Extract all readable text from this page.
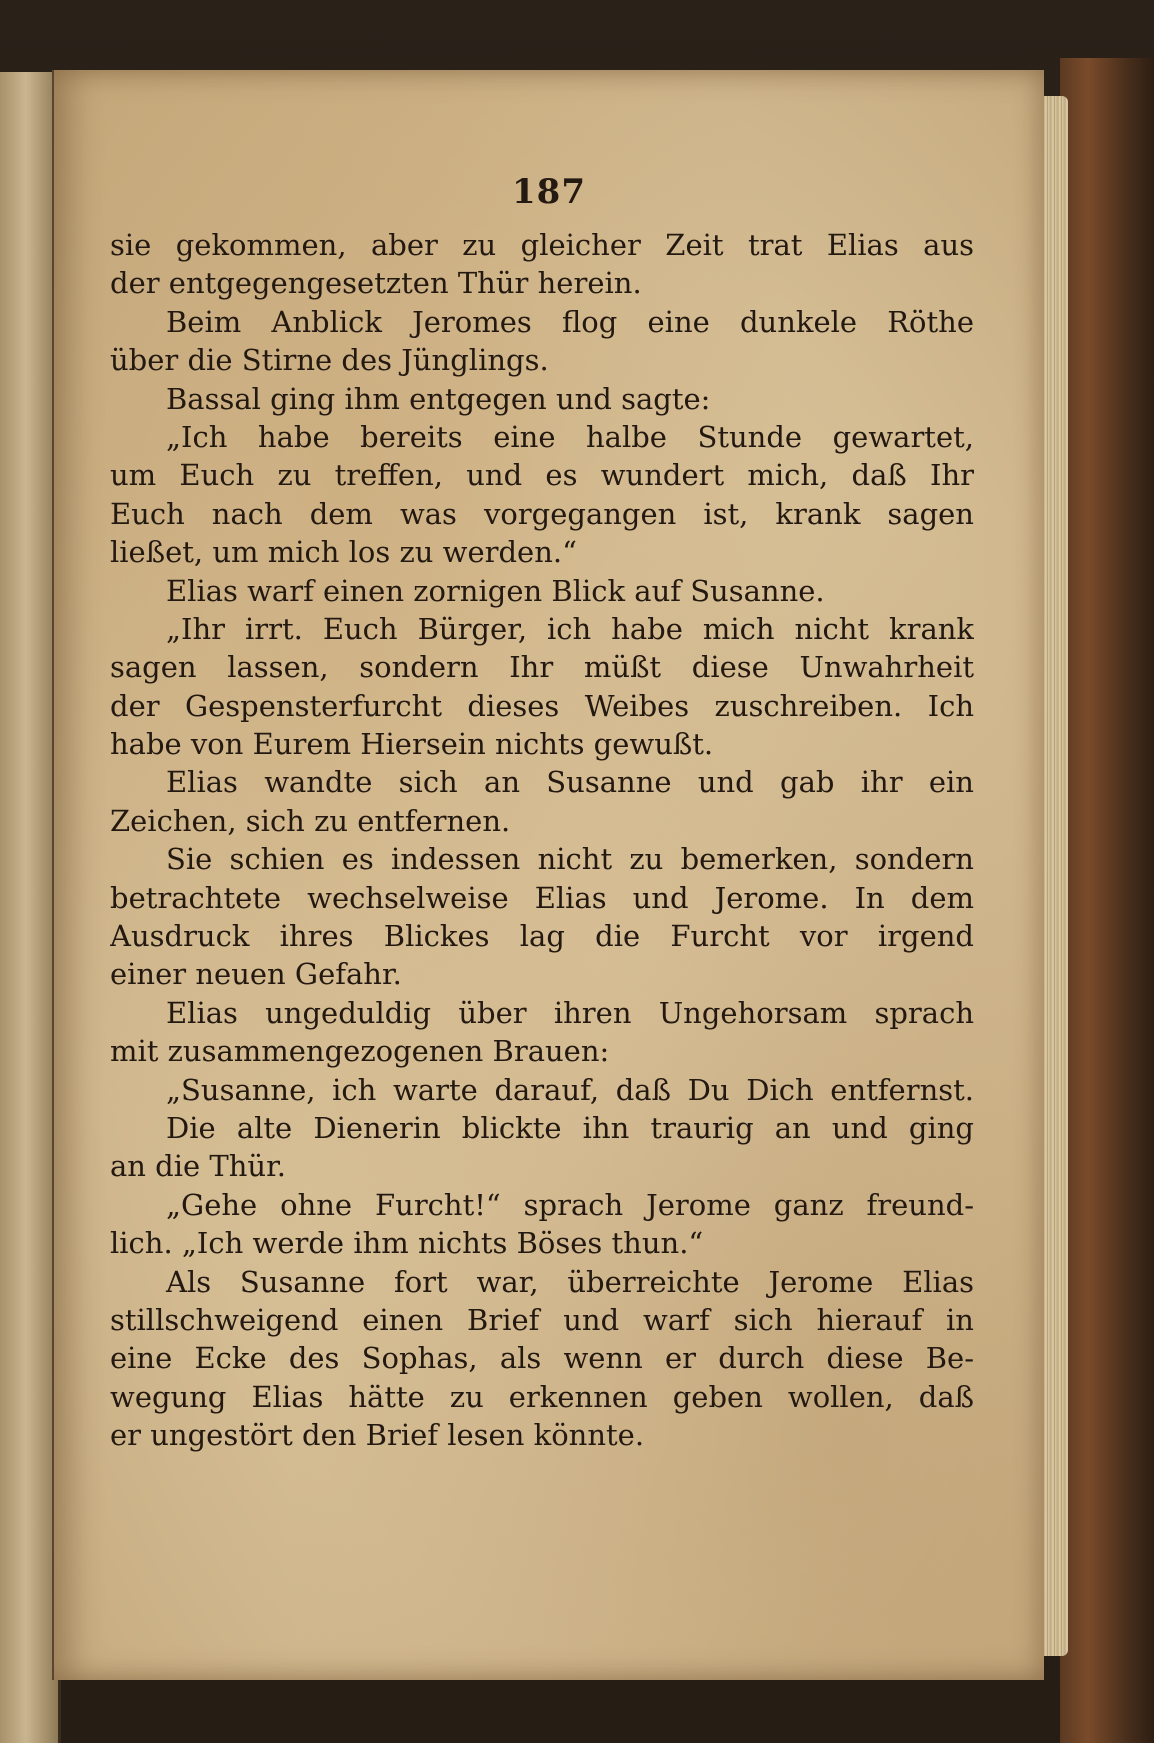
187
sie gekommen, aber zu gleicher Zeit trat Elias aus
der entgegengesetzten Thür herein.
Beim Anblick Jeromes flog eine dunkele Röthe
über die Stirne des Jünglings.
Bassal ging ihm entgegen und sagte:
„Ich habe bereits eine halbe Stunde gewartet,
um Euch zu treffen, und es wundert mich, daß Ihr
Euch nach dem was vorgegangen ist, krank sagen
ließet, um mich los zu werden.“
Elias warf einen zornigen Blick auf Susanne.
„Ihr irrt. Euch Bürger, ich habe mich nicht krank
sagen lassen, sondern Ihr müßt diese Unwahrheit
der Gespensterfurcht dieses Weibes zuschreiben. Ich
habe von Eurem Hiersein nichts gewußt.
Elias wandte sich an Susanne und gab ihr ein
Zeichen, sich zu entfernen.
Sie schien es indessen nicht zu bemerken, sondern
betrachtete wechselweise Elias und Jerome. In dem
Ausdruck ihres Blickes lag die Furcht vor irgend
einer neuen Gefahr.
Elias ungeduldig über ihren Ungehorsam sprach
mit zusammengezogenen Brauen:
„Susanne, ich warte darauf, daß Du Dich entfernst.
Die alte Dienerin blickte ihn traurig an und ging
an die Thür.
„Gehe ohne Furcht!“ sprach Jerome ganz freund-
lich. „Ich werde ihm nichts Böses thun.“
Als Susanne fort war, überreichte Jerome Elias
stillschweigend einen Brief und warf sich hierauf in
eine Ecke des Sophas, als wenn er durch diese Be-
wegung Elias hätte zu erkennen geben wollen, daß
er ungestört den Brief lesen könnte.
